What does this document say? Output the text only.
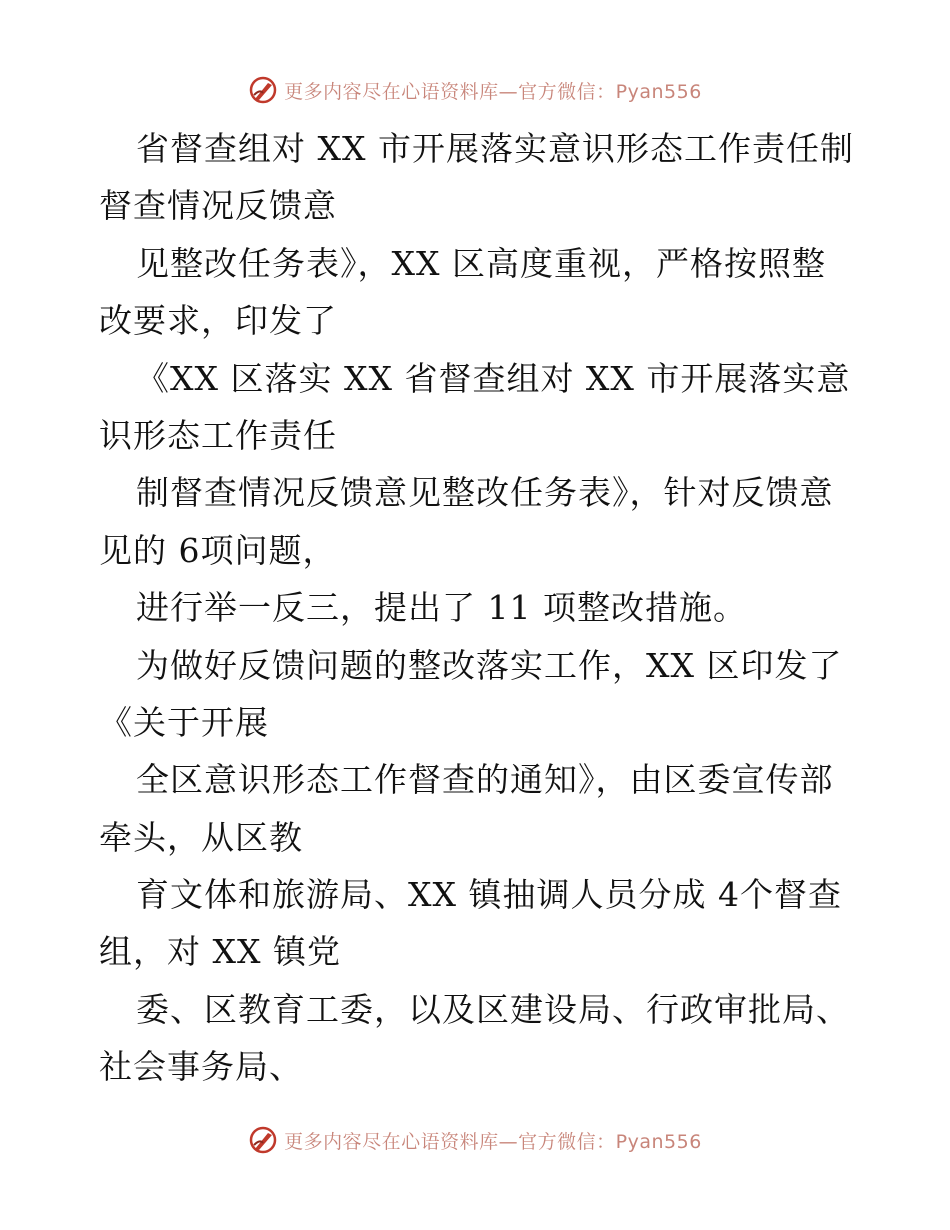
更多内容尽在心语资料库—官方微信：Pyan556
省督查组对 XX 市开展落实意识形态工作责任制
督查情况反馈意
见整改任务表》，XX 区高度重视，严格按照整
改要求，印发了
《XX 区落实 XX 省督查组对 XX 市开展落实意
识形态工作责任
制督查情况反馈意见整改任务表》，针对反馈意
见的 6项问题，
进行举一反三，提出了 11 项整改措施。
为做好反馈问题的整改落实工作，XX 区印发了
《关于开展
全区意识形态工作督查的通知》，由区委宣传部
牵头，从区教
育文体和旅游局、XX 镇抽调人员分成 4个督查
组，对 XX 镇党
委、区教育工委，以及区建设局、行政审批局、
社会事务局、
更多内容尽在心语资料库—官方微信：Pyan556
